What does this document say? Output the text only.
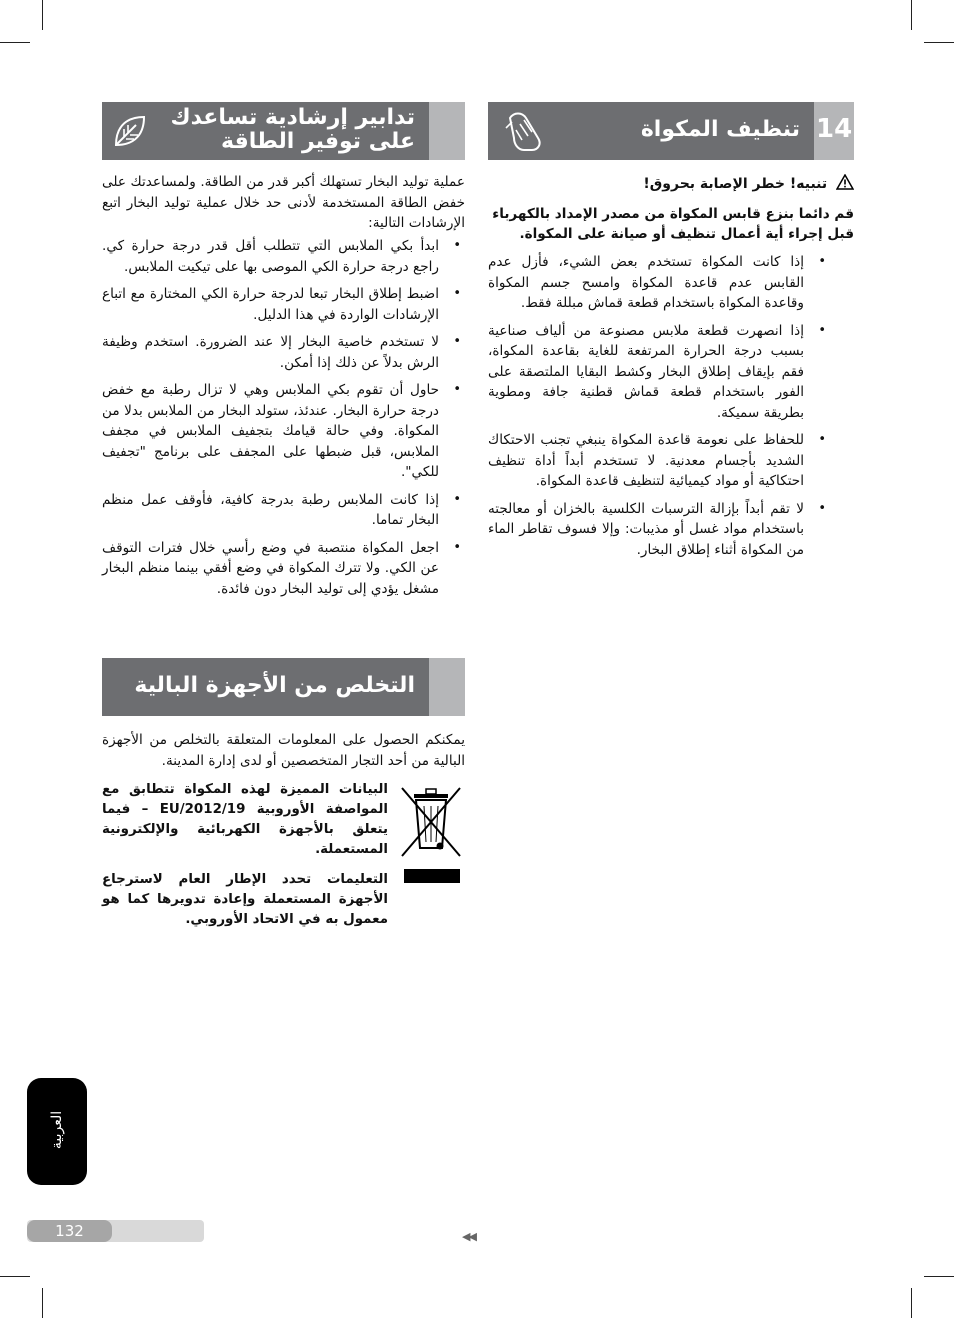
تدابير إرشادية تساعدك على توفير الطاقة	14
تنظيف المكواة

عملية توليد البخار تستهلك أكبر قدر من الطاقة. ولمساعدتك على خفض الطاقة المستخدمة لأدنى حد خلال عملية توليد البخار اتبع الإرشادات التالية:

• ابدأ بكي الملابس التي تتطلب أقل قدر درجة حرارة كي. راجع درجة حرارة الكي الموصى بها على تيكيت الملابس.
• اضبط إطلاق البخار تبعا لدرجة حرارة الكي المختارة مع اتباع الإرشادات الواردة في هذا الدليل.
• لا تستخدم خاصية البخار إلا عند الضرورة. استخدم وظيفة الرش بدلاً عن ذلك إذا أمكن.
• حاول أن تقوم بكي الملابس وهي لا تزال رطبة مع خفض درجة حرارة البخار. عندئذ، ستولد البخار من الملابس بدلا من المكواة. وفي حالة قيامك بتجفيف الملابس في مجفف الملابس، قبل ضبطها على المجفف على برنامج "تجفيف للكي".
• إذا كانت الملابس رطبة بدرجة كافية، فأوقف عمل منظم البخار تماما.
• اجعل المكواة منتصبة في وضع رأسي خلال فترات التوقف عن الكي. ولا تترك المكواة في وضع أفقي بينما منظم البخار مشغل يؤدي إلى توليد البخار دون فائدة.
تنبيه! خطر الإصابة بحروق!
قم دائما بنزع قابس المكواة من مصدر الإمداد بالكهرباء قبل إجراء أية أعمال تنظيف أو صيانة على المكواة.
• إذا كانت المكواة تستخدم بعض الشيء، فأزل عدم القابس عدم قاعدة المكواة وامسح جسم المكواة وقاعدة المكواة باستخدام قطعة قماش مبللة فقط.
• إذا انصهرت قطعة ملابس مصنوعة من ألياف صناعية بسبب درجة الحرارة المرتفعة للغاية بقاعدة المكواة، فقم بإيقاف إطلاق البخار وكشط البقايا الملتصقة على الفور باستخدام قطعة قماش قطنية جافة ومطوية بطريقة سميكة.
• للحفاظ على نعومة قاعدة المكواة ينبغي تجنب الاحتكاك الشديد بأجسام معدنية. لا تستخدم أبداً أداة تنظيف احتكاكية أو مواد كيميائية لتنظيف قاعدة المكواة.
• لا تقم أبداً بإزالة الترسبات الكلسية بالخزان أو معالجته باستخدام مواد غسل أو مذيبات: وإلا فسوف تقاطر الماء من المكواة أثناء إطلاق البخار.
التخلص من الأجهزة البالية

يمكنكم الحصول على المعلومات المتعلقة بالتخلص من الأجهزة البالية من أحد التجار المتخصصين أو لدى إدارة المدينة.

البيانات المميزة لهذه المكواة تتطابق مع المواصفة الأوروبية EU/2012/19 – فيما يتعلق بالأجهزة الكهربائية والإلكترونية المستعملة.
التعليمات تحدد الإطار العام لاسترجاع الأجهزة المستعملة وإعادة تدويرها كما هو معمول به في الاتحاد الأوروبي.
العربية
132	◀◀
